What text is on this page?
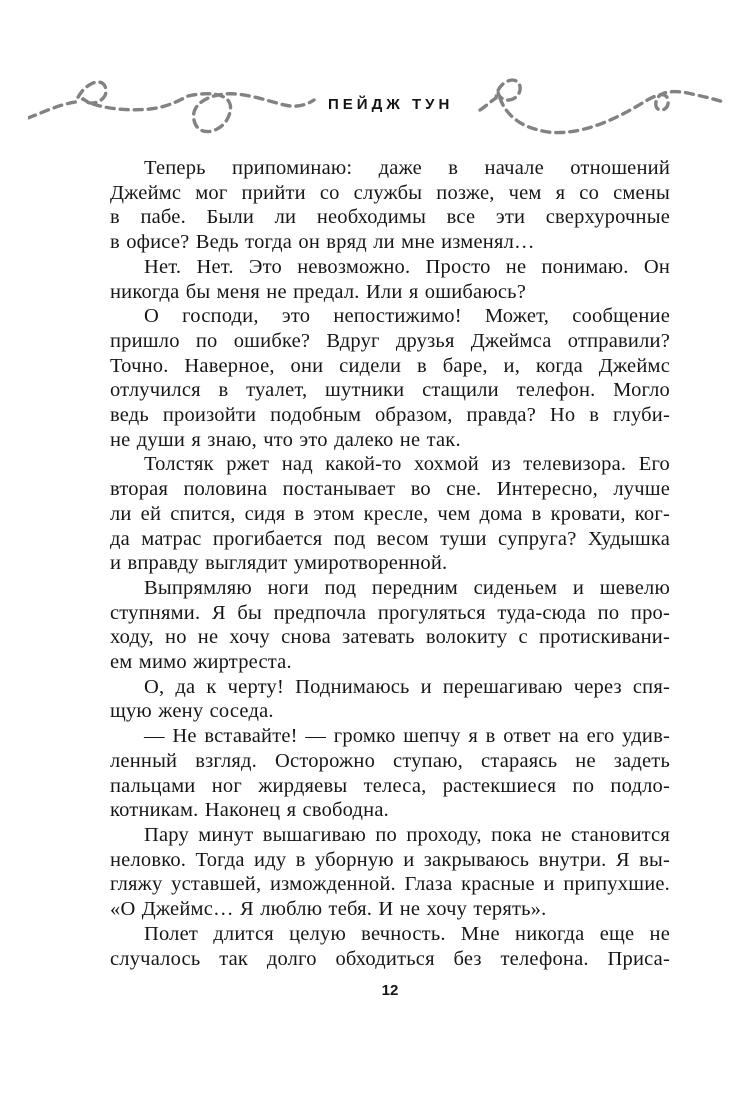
ПЕЙДЖ ТУН
Теперь припоминаю: даже в начале отношений
Джеймс мог прийти со службы позже, чем я со смены
в пабе. Были ли необходимы все эти сверхурочные
в офисе? Ведь тогда он вряд ли мне изменял…
Нет. Нет. Это невозможно. Просто не понимаю. Он
никогда бы меня не предал. Или я ошибаюсь?
О господи, это непостижимо! Может, сообщение
пришло по ошибке? Вдруг друзья Джеймса отправили?
Точно. Наверное, они сидели в баре, и, когда Джеймс
отлучился в туалет, шутники стащили телефон. Могло
ведь произойти подобным образом, правда? Но в глуби-
не души я знаю, что это далеко не так.
Толстяк ржет над какой-то хохмой из телевизора. Его
вторая половина постанывает во сне. Интересно, лучше
ли ей спится, сидя в этом кресле, чем дома в кровати, ког-
да матрас прогибается под весом туши супруга? Худышка
и вправду выглядит умиротворенной.
Выпрямляю ноги под передним сиденьем и шевелю
ступнями. Я бы предпочла прогуляться туда-сюда по про-
ходу, но не хочу снова затевать волокиту с протискивани-
ем мимо жиртреста.
О, да к черту! Поднимаюсь и перешагиваю через спя-
щую жену соседа.
— Не вставайте! — громко шепчу я в ответ на его удив-
ленный взгляд. Осторожно ступаю, стараясь не задеть
пальцами ног жирдяевы телеса, растекшиеся по подло-
котникам. Наконец я свободна.
Пару минут вышагиваю по проходу, пока не становится
неловко. Тогда иду в уборную и закрываюсь внутри. Я вы-
гляжу уставшей, изможденной. Глаза красные и припухшие.
«О Джеймс… Я люблю тебя. И не хочу терять».
Полет длится целую вечность. Мне никогда еще не
случалось так долго обходиться без телефона. Приса-
12
